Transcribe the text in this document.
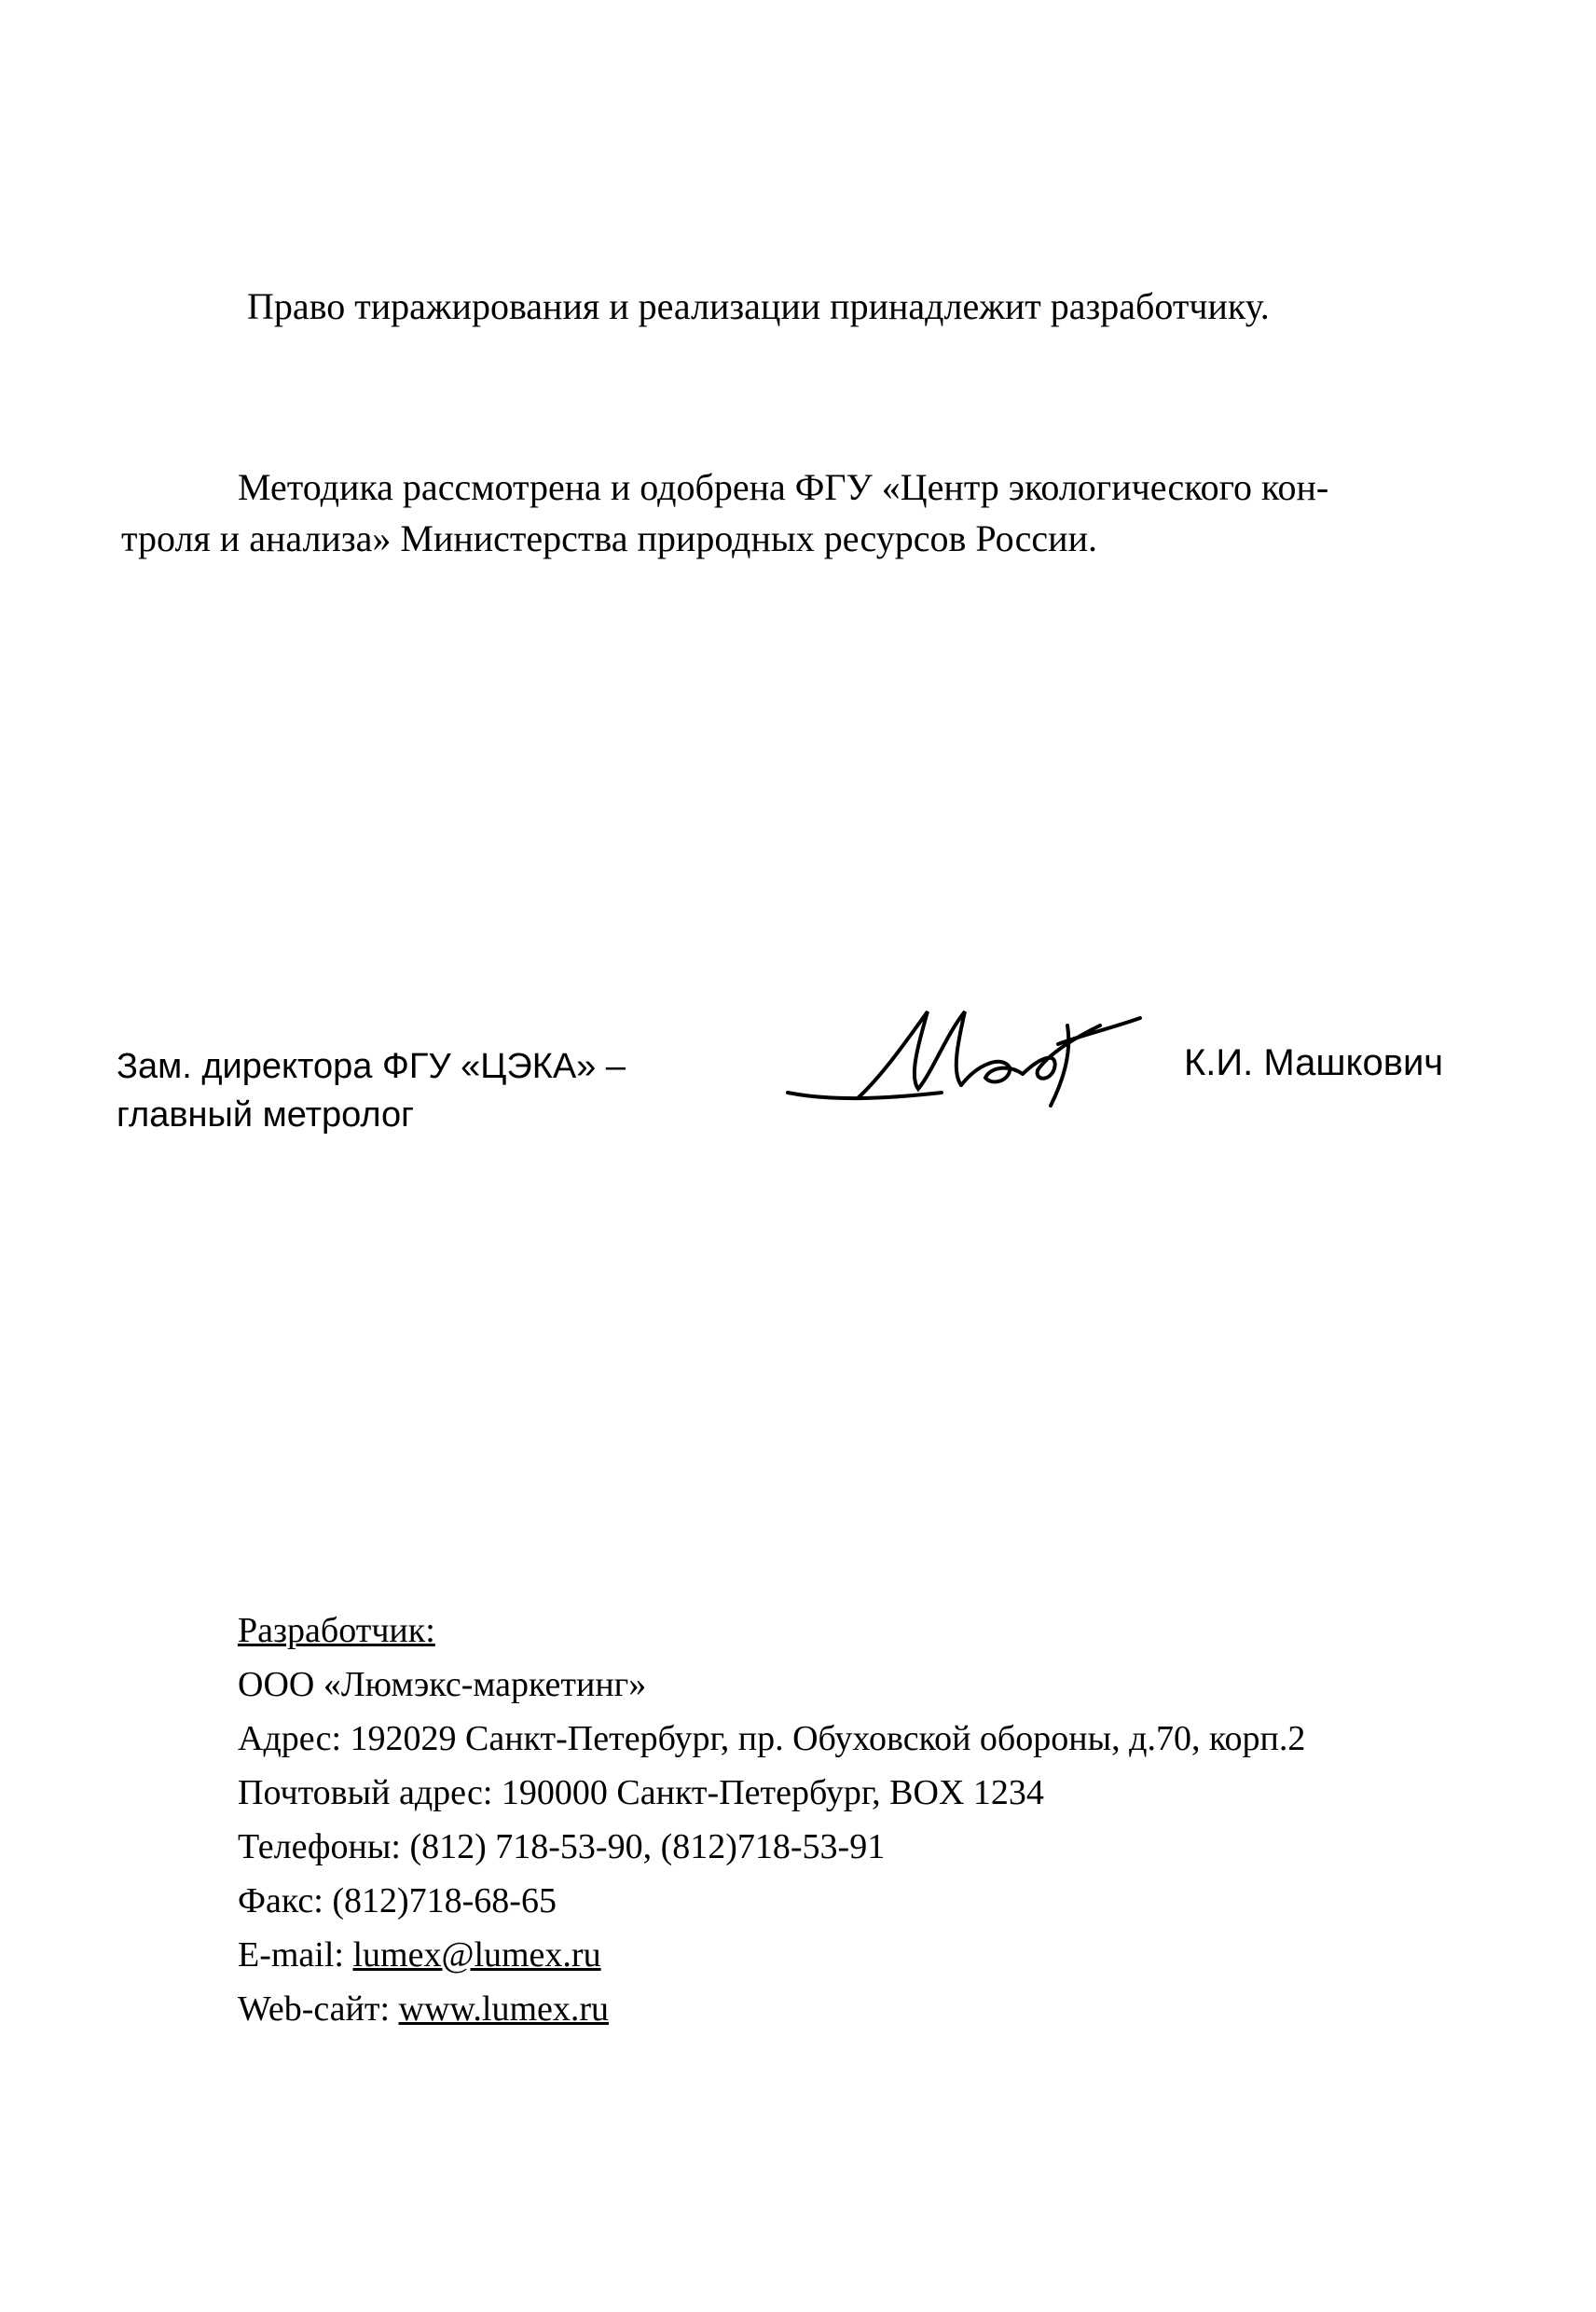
Право тиражирования и реализации принадлежит разработчику.
Методика рассмотрена и одобрена ФГУ «Центр экологического кон-
троля и анализа» Министерства природных ресурсов России.
Зам. директора ФГУ «ЦЭКА» –
главный метролог
К.И. Машкович
Разработчик:
ООО «Люмэкс-маркетинг»
Адрес: 192029 Санкт-Петербург, пр. Обуховской обороны, д.70, корп.2
Почтовый адрес: 190000 Санкт-Петербург, BOX 1234
Телефоны: (812) 718-53-90, (812)718-53-91
Факс: (812)718-68-65
E-mail: lumex@lumex.ru
Web-сайт: www.lumex.ru
